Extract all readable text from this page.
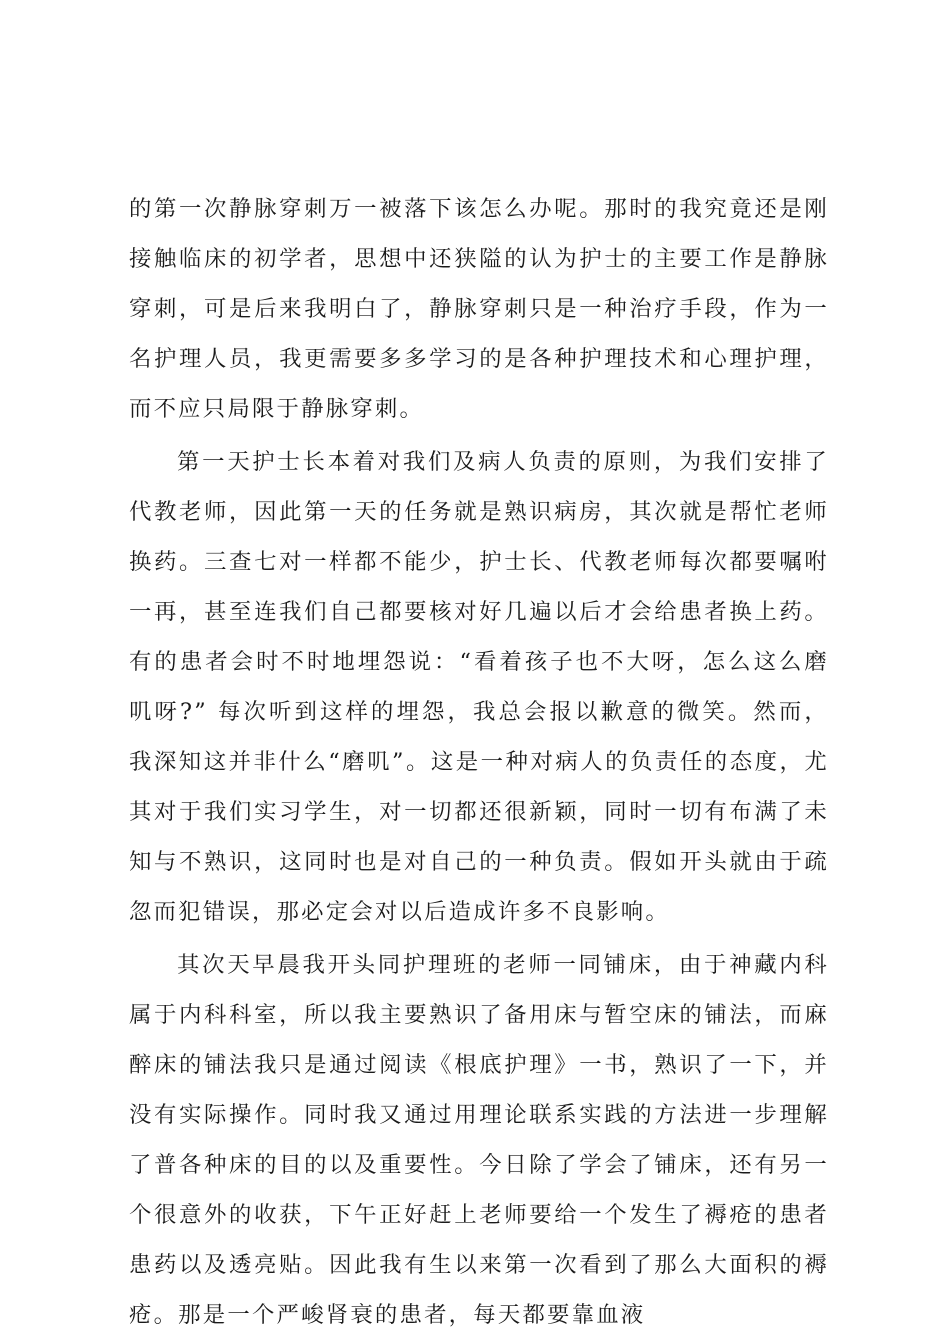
的第一次静脉穿刺万一被落下该怎么办呢。那时的我究竟还是刚接触临床的初学者，思想中还狭隘的认为护士的主要工作是静脉穿刺，可是后来我明白了，静脉穿刺只是一种治疗手段，作为一名护理人员，我更需要多多学习的是各种护理技术和心理护理，而不应只局限于静脉穿刺。

第一天护士长本着对我们及病人负责的原则，为我们安排了代教老师，因此第一天的任务就是熟识病房，其次就是帮忙老师换药。三查七对一样都不能少，护士长、代教老师每次都要嘱咐一再，甚至连我们自己都要核对好几遍以后才会给患者换上药。有的患者会时不时地埋怨说：“看着孩子也不大呀，怎么这么磨叽呀?” 每次听到这样的埋怨，我总会报以歉意的微笑。然而，我深知这并非什么“磨叽”。这是一种对病人的负责任的态度，尤其对于我们实习学生，对一切都还很新颖，同时一切有布满了未知与不熟识，这同时也是对自己的一种负责。假如开头就由于疏忽而犯错误，那必定会对以后造成许多不良影响。

其次天早晨我开头同护理班的老师一同铺床，由于神藏内科属于内科科室，所以我主要熟识了备用床与暂空床的铺法，而麻醉床的铺法我只是通过阅读《根底护理》一书，熟识了一下，并没有实际操作。同时我又通过用理论联系实践的方法进一步理解了普各种床的目的以及重要性。今日除了学会了铺床，还有另一个很意外的收获，下午正好赶上老师要给一个发生了褥疮的患者患药以及透亮贴。因此我有生以来第一次看到了那么大面积的褥疮。那是一个严峻肾衰的患者，每天都要靠血液
